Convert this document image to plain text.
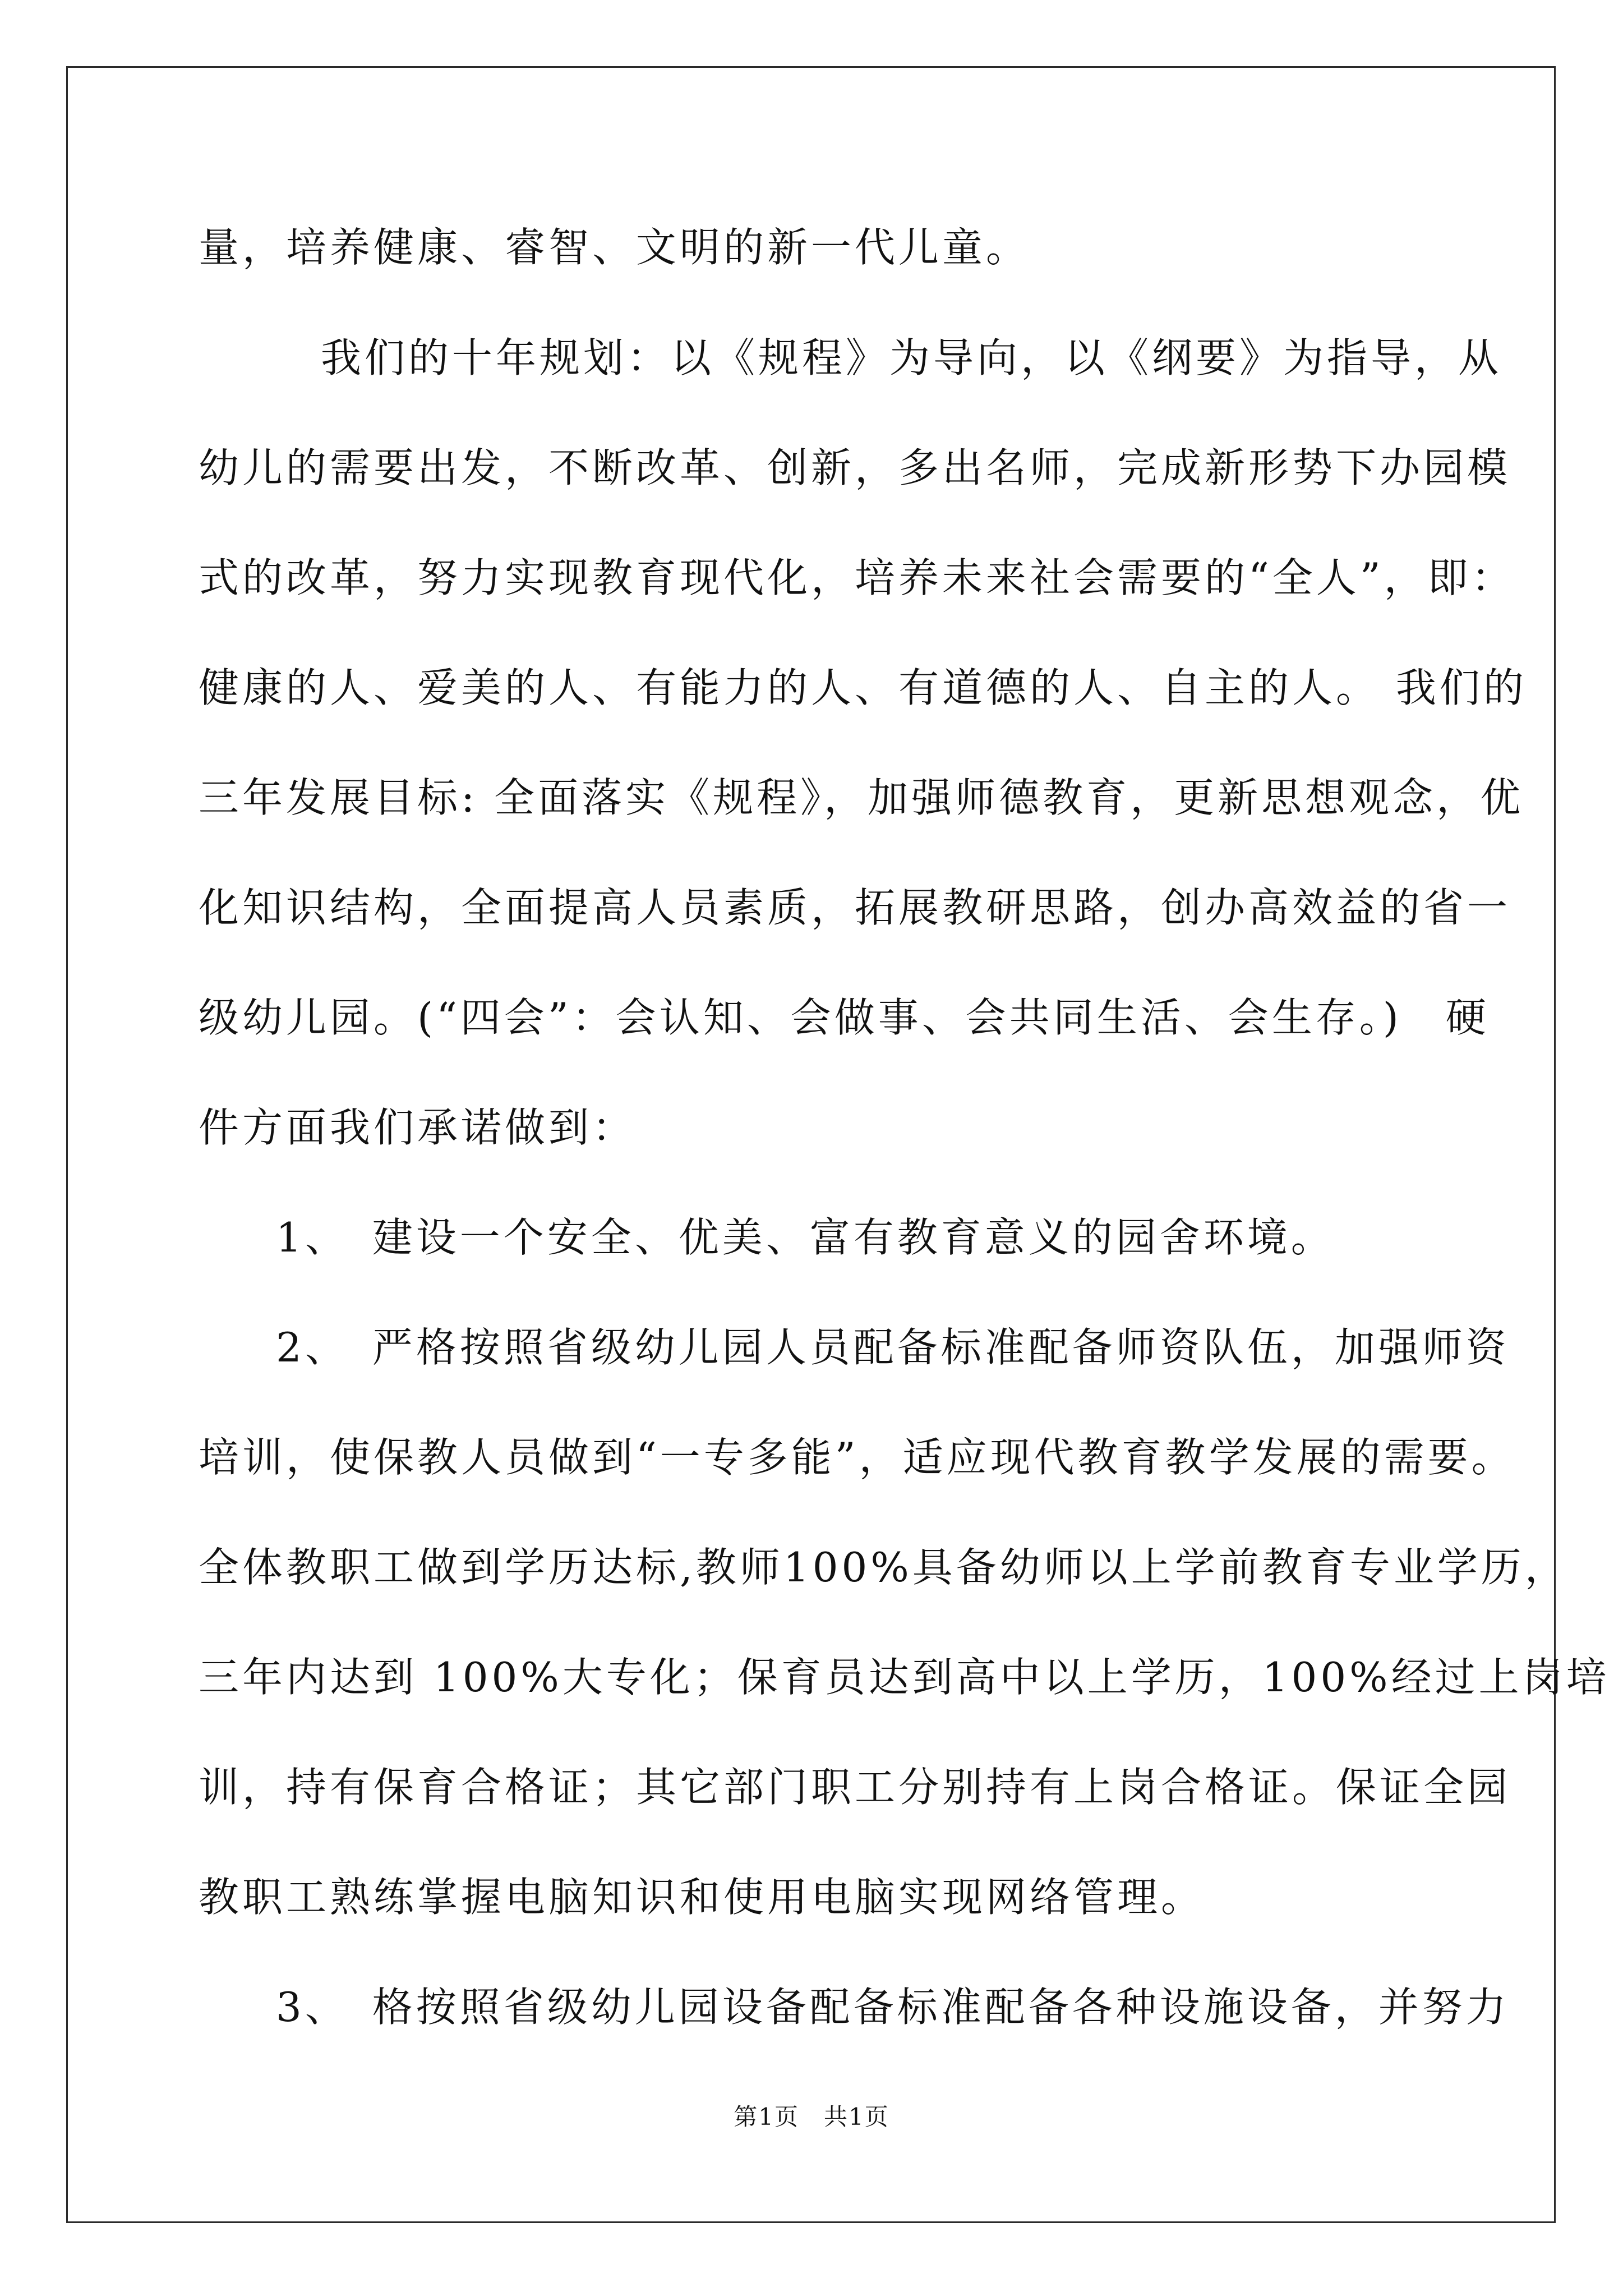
量，培养健康、睿智、文明的新一代儿童。
我们的十年规划：以《规程》为导向，以《纲要》为指导，从
幼儿的需要出发，不断改革、创新，多出名师，完成新形势下办园模
式的改革，努力实现教育现代化，培养未来社会需要的“全人”，即：
健康的人、爱美的人、有能力的人、有道德的人、自主的人。 我们的
三年发展目标: 全面落实《规程》，加强师德教育，更新思想观念，优
化知识结构，全面提高人员素质，拓展教研思路，创办高效益的省一
级幼儿园。(“四会”：会认知、会做事、会共同生活、会生存。)　硬
件方面我们承诺做到：
1、　建设一个安全、优美、富有教育意义的园舍环境。
2、　严格按照省级幼儿园人员配备标准配备师资队伍，加强师资
培训，使保教人员做到“一专多能”，适应现代教育教学发展的需要。
全体教职工做到学历达标,教师100%具备幼师以上学前教育专业学历，
三年内达到 100%大专化；保育员达到高中以上学历，100%经过上岗培
训，持有保育合格证；其它部门职工分别持有上岗合格证。保证全园
教职工熟练掌握电脑知识和使用电脑实现网络管理。
3、　格按照省级幼儿园设备配备标准配备各种设施设备，并努力
第1页　共1页
